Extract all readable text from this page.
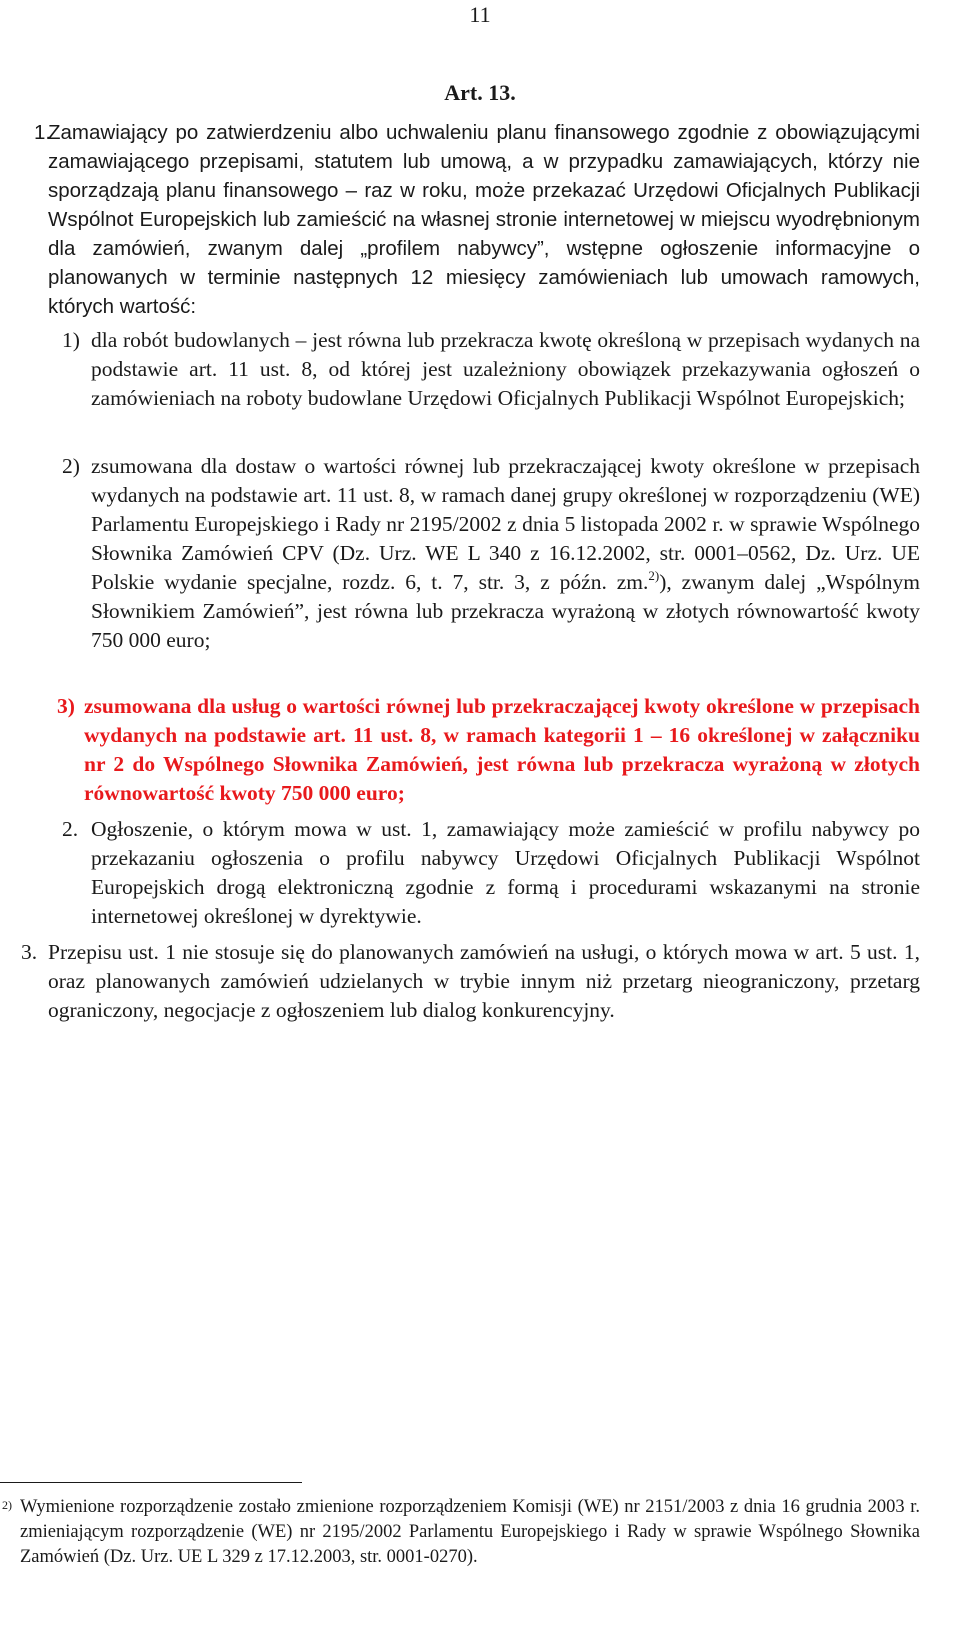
11
Art. 13.
1.
Zamawiający po zatwierdzeniu albo uchwaleniu planu finansowego zgodnie z obowiązującymi zamawiającego przepisami, statutem lub umową, a w przypadku zamawiających, którzy nie sporządzają planu finansowego – raz w roku, może przekazać Urzędowi Oficjalnych Publikacji Wspólnot Europejskich lub zamieścić na własnej stronie internetowej w miejscu wyodrębnionym dla zamówień, zwanym dalej „profilem nabywcy”, wstępne ogłoszenie informacyjne o planowanych w terminie następnych 12 miesięcy zamówieniach lub umowach ramowych, których wartość:
1) dla robót budowlanych – jest równa lub przekracza kwotę określoną w przepisach wydanych na podstawie art. 11 ust. 8, od której jest uzależniony obowiązek przekazywania ogłoszeń o zamówieniach na roboty budowlane Urzędowi Oficjalnych Publikacji Wspólnot Europejskich;
2) zsumowana dla dostaw o wartości równej lub przekraczającej kwoty określone w przepisach wydanych na podstawie art. 11 ust. 8, w ramach danej grupy określonej w rozporządzeniu (WE) Parlamentu Europejskiego i Rady nr 2195/2002 z dnia 5 listopada 2002 r. w sprawie Wspólnego Słownika Zamówień CPV (Dz. Urz. WE L 340 z 16.12.2002, str. 0001–0562, Dz. Urz. UE Polskie wydanie specjalne, rozdz. 6, t. 7, str. 3, z późn. zm.$^{2)}$), zwanym dalej „Wspólnym Słownikiem Zamówień”, jest równa lub przekracza wyrażoną w złotych równowartość kwoty 750 000 euro;
3) zsumowana dla usług o wartości równej lub przekraczającej kwoty określone w przepisach wydanych na podstawie art. 11 ust. 8, w ramach kategorii 1 – 16 określonej w załączniku nr 2 do Wspólnego Słownika Zamówień, jest równa lub przekracza wyrażoną w złotych równowartość kwoty 750 000 euro;
2. Ogłoszenie, o którym mowa w ust. 1, zamawiający może zamieścić w profilu nabywcy po przekazaniu ogłoszenia o profilu nabywcy Urzędowi Oficjalnych Publikacji Wspólnot Europejskich drogą elektroniczną zgodnie z formą i procedurami wskazanymi na stronie internetowej określonej w dyrektywie.
3. Przepisu ust. 1 nie stosuje się do planowanych zamówień na usługi, o których mowa w art. 5 ust. 1, oraz planowanych zamówień udzielanych w trybie innym niż przetarg nieograniczony, przetarg ograniczony, negocjacje z ogłoszeniem lub dialog konkurencyjny.
2) Wymienione rozporządzenie zostało zmienione rozporządzeniem Komisji (WE) nr 2151/2003 z dnia 16 grudnia 2003 r. zmieniającym rozporządzenie (WE) nr 2195/2002 Parlamentu Europejskiego i Rady w sprawie Wspólnego Słownika Zamówień (Dz. Urz. UE L 329 z 17.12.2003, str. 0001-0270).
